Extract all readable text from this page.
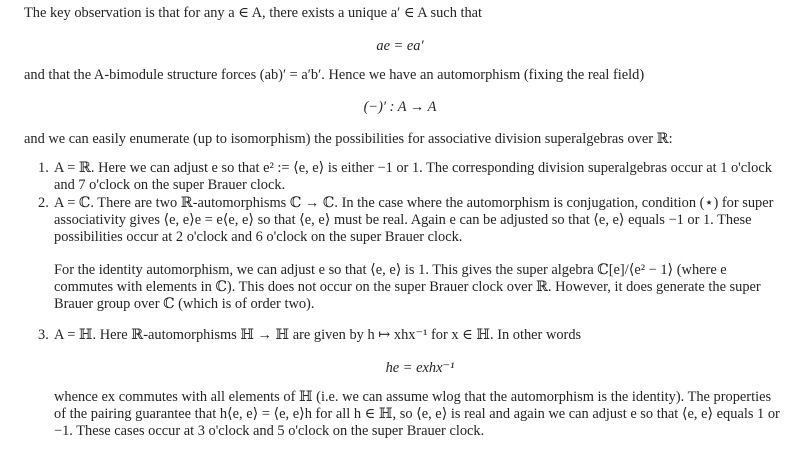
The key observation is that for any a ∈ A, there exists a unique a′ ∈ A such that

ae = ea′

and that the A-bimodule structure forces (ab)′ = a′b′. Hence we have an automorphism (fixing the real field)

(−)′ : A → A

and we can easily enumerate (up to isomorphism) the possibilities for associative division superalgebras over ℝ:

1. A = ℝ. Here we can adjust e so that e² := ⟨e, e⟩ is either −1 or 1. The corresponding division superalgebras occur at 1 o'clock and 7 o'clock on the super Brauer clock.
2. A = ℂ. There are two ℝ-automorphisms ℂ → ℂ. In the case where the automorphism is conjugation, condition (⋆) for super associativity gives ⟨e, e⟩e = e⟨e, e⟩ so that ⟨e, e⟩ must be real. Again e can be adjusted so that ⟨e, e⟩ equals −1 or 1. These possibilities occur at 2 o'clock and 6 o'clock on the super Brauer clock.

For the identity automorphism, we can adjust e so that ⟨e, e⟩ is 1. This gives the super algebra ℂ[e]/⟨e² − 1⟩ (where e commutes with elements in ℂ). This does not occur on the super Brauer clock over ℝ. However, it does generate the super Brauer group over ℂ (which is of order two).

3. A = ℍ. Here ℝ-automorphisms ℍ → ℍ are given by h ↦ xhx⁻¹ for x ∈ ℍ. In other words

he = exhx⁻¹

whence ex commutes with all elements of ℍ (i.e. we can assume wlog that the automorphism is the identity). The properties of the pairing guarantee that h⟨e, e⟩ = ⟨e, e⟩h for all h ∈ ℍ, so ⟨e, e⟩ is real and again we can adjust e so that ⟨e, e⟩ equals 1 or −1. These cases occur at 3 o'clock and 5 o'clock on the super Brauer clock.
